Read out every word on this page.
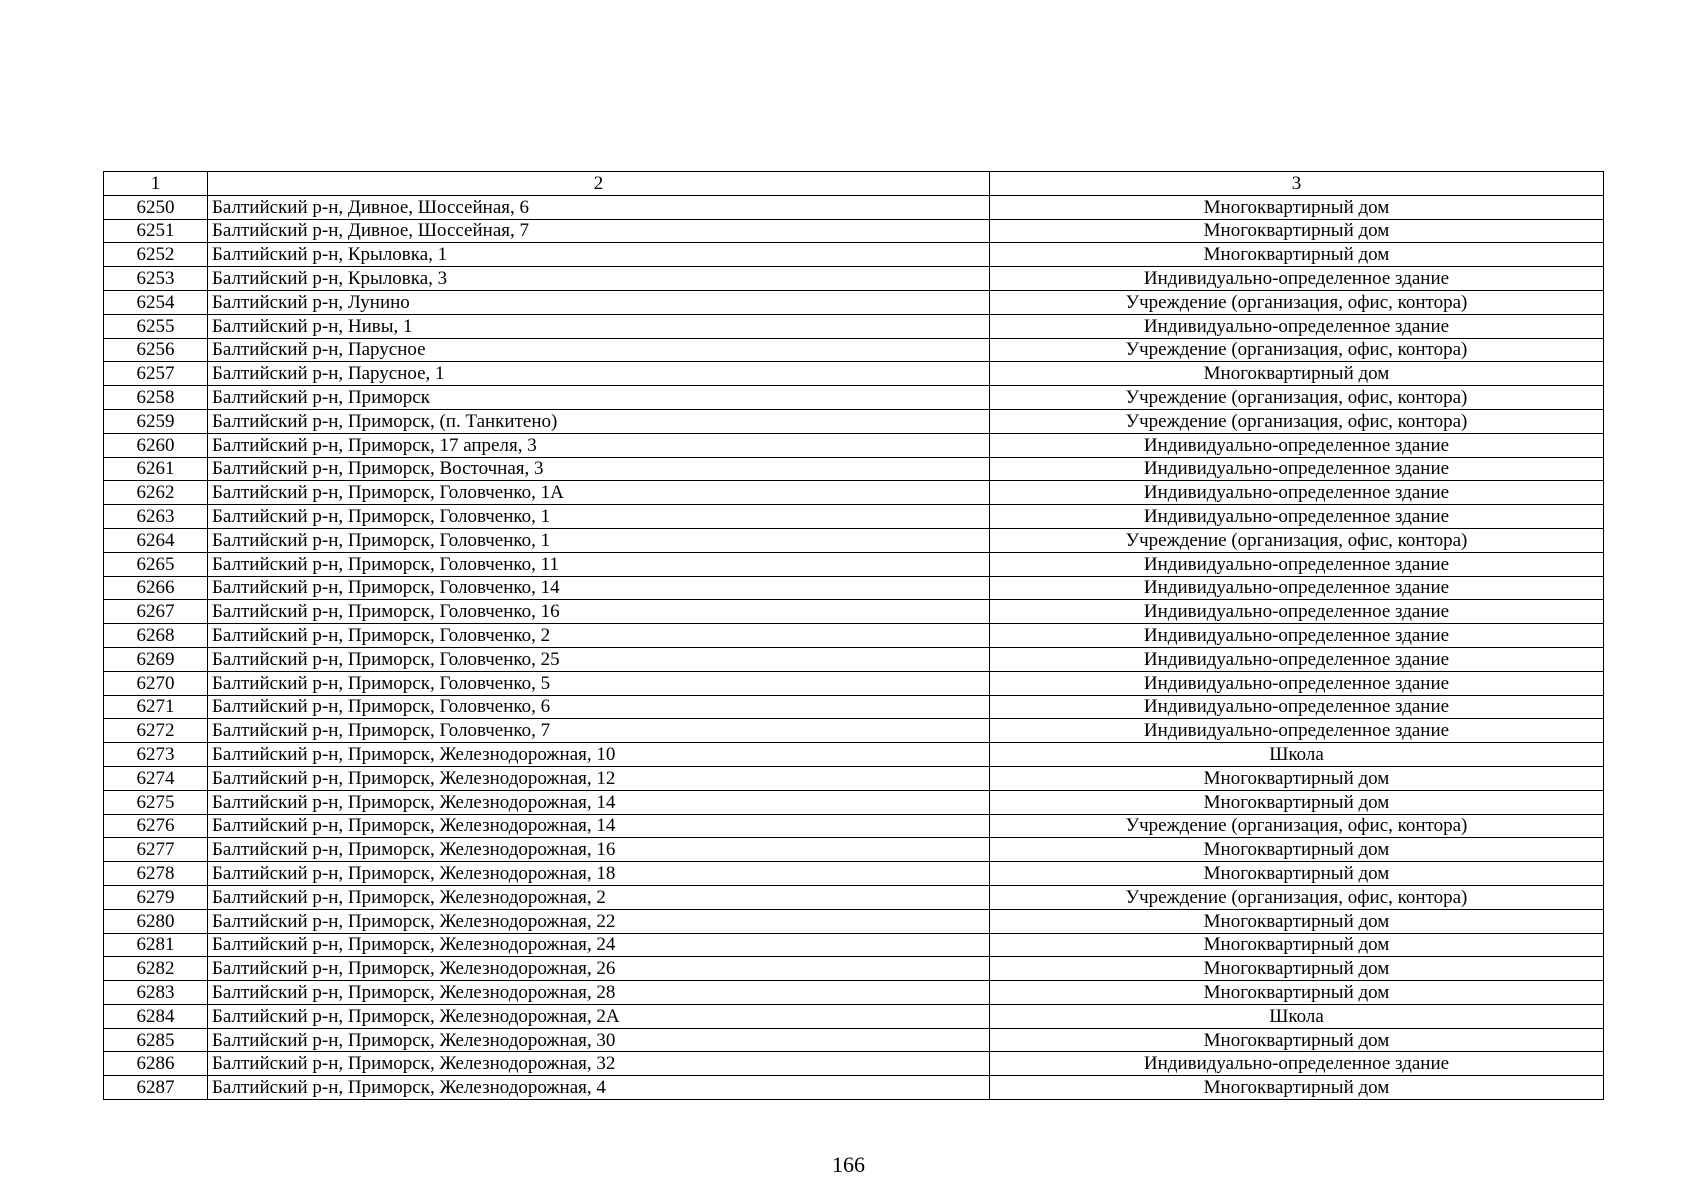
1	2	3
6250	Балтийский р-н, Дивное, Шоссейная, 6	Многоквартирный дом
6251	Балтийский р-н, Дивное, Шоссейная, 7	Многоквартирный дом
6252	Балтийский р-н, Крыловка, 1	Многоквартирный дом
6253	Балтийский р-н, Крыловка, 3	Индивидуально-определенное здание
6254	Балтийский р-н, Лунино	Учреждение (организация, офис, контора)
6255	Балтийский р-н, Нивы, 1	Индивидуально-определенное здание
6256	Балтийский р-н, Парусное	Учреждение (организация, офис, контора)
6257	Балтийский р-н, Парусное, 1	Многоквартирный дом
6258	Балтийский р-н, Приморск	Учреждение (организация, офис, контора)
6259	Балтийский р-н, Приморск, (п. Танкитено)	Учреждение (организация, офис, контора)
6260	Балтийский р-н, Приморск, 17 апреля, 3	Индивидуально-определенное здание
6261	Балтийский р-н, Приморск, Восточная, 3	Индивидуально-определенное здание
6262	Балтийский р-н, Приморск, Головченко, 1А	Индивидуально-определенное здание
6263	Балтийский р-н, Приморск, Головченко, 1	Индивидуально-определенное здание
6264	Балтийский р-н, Приморск, Головченко, 1	Учреждение (организация, офис, контора)
6265	Балтийский р-н, Приморск, Головченко, 11	Индивидуально-определенное здание
6266	Балтийский р-н, Приморск, Головченко, 14	Индивидуально-определенное здание
6267	Балтийский р-н, Приморск, Головченко, 16	Индивидуально-определенное здание
6268	Балтийский р-н, Приморск, Головченко, 2	Индивидуально-определенное здание
6269	Балтийский р-н, Приморск, Головченко, 25	Индивидуально-определенное здание
6270	Балтийский р-н, Приморск, Головченко, 5	Индивидуально-определенное здание
6271	Балтийский р-н, Приморск, Головченко, 6	Индивидуально-определенное здание
6272	Балтийский р-н, Приморск, Головченко, 7	Индивидуально-определенное здание
6273	Балтийский р-н, Приморск, Железнодорожная, 10	Школа
6274	Балтийский р-н, Приморск, Железнодорожная, 12	Многоквартирный дом
6275	Балтийский р-н, Приморск, Железнодорожная, 14	Многоквартирный дом
6276	Балтийский р-н, Приморск, Железнодорожная, 14	Учреждение (организация, офис, контора)
6277	Балтийский р-н, Приморск, Железнодорожная, 16	Многоквартирный дом
6278	Балтийский р-н, Приморск, Железнодорожная, 18	Многоквартирный дом
6279	Балтийский р-н, Приморск, Железнодорожная, 2	Учреждение (организация, офис, контора)
6280	Балтийский р-н, Приморск, Железнодорожная, 22	Многоквартирный дом
6281	Балтийский р-н, Приморск, Железнодорожная, 24	Многоквартирный дом
6282	Балтийский р-н, Приморск, Железнодорожная, 26	Многоквартирный дом
6283	Балтийский р-н, Приморск, Железнодорожная, 28	Многоквартирный дом
6284	Балтийский р-н, Приморск, Железнодорожная, 2А	Школа
6285	Балтийский р-н, Приморск, Железнодорожная, 30	Многоквартирный дом
6286	Балтийский р-н, Приморск, Железнодорожная, 32	Индивидуально-определенное здание
6287	Балтийский р-н, Приморск, Железнодорожная, 4	Многоквартирный дом
166
